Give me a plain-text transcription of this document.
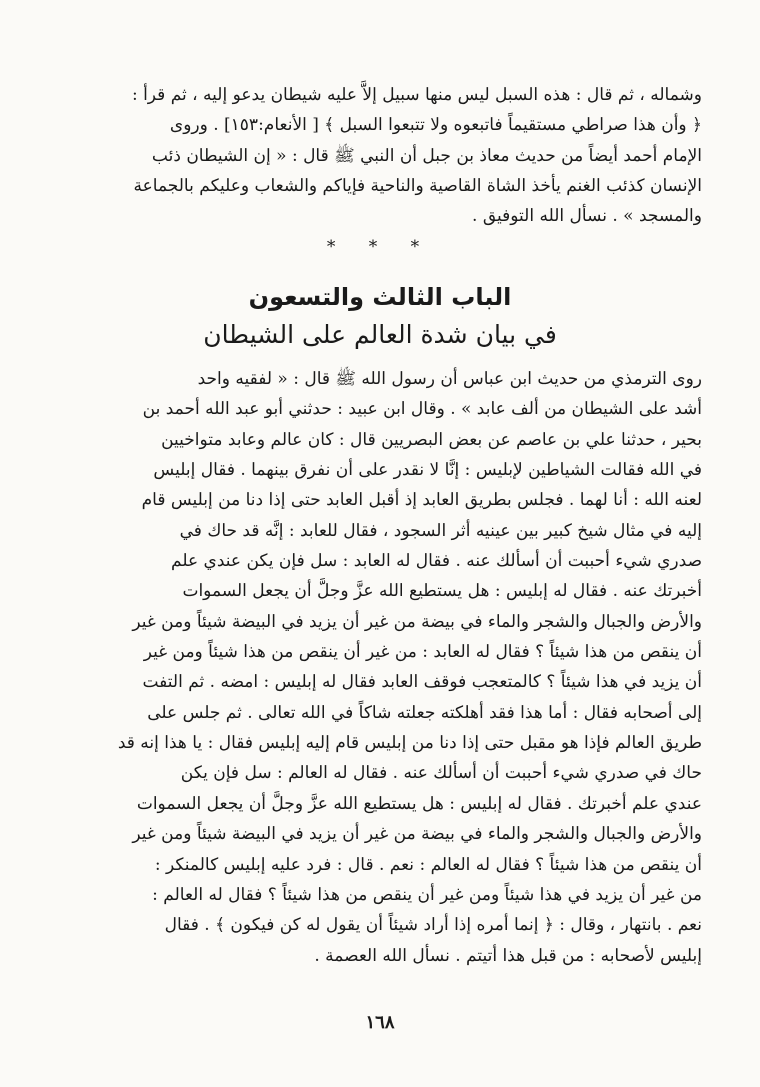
وشماله ، ثم قال : هذه السبل ليس منها سبيل إلاَّ عليه شيطان يدعو إليه ، ثم قرأ :
﴿ وأن هذا صراطي مستقيماً فاتبعوه ولا تتبعوا السبل ﴾ [ الأنعام:١٥٣] . وروى
الإمام أحمد أيضاً من حديث معاذ بن جبل أن النبي ﷺ قال : « إن الشيطان ذئب
الإنسان كذئب الغنم يأخذ الشاة القاصية والناحية فإياكم والشعاب وعليكم بالجماعة
والمسجد » . نسأل الله التوفيق .
* * *
الباب الثالث والتسعون
في بيان شدة العالم على الشيطان
روى الترمذي من حديث ابن عباس أن رسول الله ﷺ قال : « لفقيه واحد
أشد على الشيطان من ألف عابد » . وقال ابن عبيد : حدثني أبو عبد الله أحمد بن
بحير ، حدثنا علي بن عاصم عن بعض البصريين قال : كان عالم وعابد متواخيين
في الله فقالت الشياطين لإبليس : إنَّا لا نقدر على أن نفرق بينهما . فقال إبليس
لعنه الله : أنا لهما . فجلس بطريق العابد إذ أقبل العابد حتى إذا دنا من إبليس قام
إليه في مثال شيخ كبير بين عينيه أثر السجود ، فقال للعابد : إنَّه قد حاك في
صدري شيء أحببت أن أسألك عنه . فقال له العابد : سل فإن يكن عندي علم
أخبرتك عنه . فقال له إبليس : هل يستطيع الله عزَّ وجلَّ أن يجعل السموات
والأرض والجبال والشجر والماء في بيضة من غير أن يزيد في البيضة شيئاً ومن غير
أن ينقص من هذا شيئاً ؟ فقال له العابد : من غير أن ينقص من هذا شيئاً ومن غير
أن يزيد في هذا شيئاً ؟ كالمتعجب فوقف العابد فقال له إبليس : امضه . ثم التفت
إلى أصحابه فقال : أما هذا فقد أهلكته جعلته شاكاً في الله تعالى . ثم جلس على
طريق العالم فإذا هو مقبل حتى إذا دنا من إبليس قام إليه إبليس فقال : يا هذا إنه قد
حاك في صدري شيء أحببت أن أسألك عنه . فقال له العالم : سل فإن يكن
عندي علم أخبرتك . فقال له إبليس : هل يستطيع الله عزَّ وجلَّ أن يجعل السموات
والأرض والجبال والشجر والماء في بيضة من غير أن يزيد في البيضة شيئاً ومن غير
أن ينقص من هذا شيئاً ؟ فقال له العالم : نعم . قال : فرد عليه إبليس كالمنكر :
من غير أن يزيد في هذا شيئاً ومن غير أن ينقص من هذا شيئاً ؟ فقال له العالم :
نعم . بانتهار ، وقال : ﴿ إنما أمره إذا أراد شيئاً أن يقول له كن فيكون ﴾ . فقال
إبليس لأصحابه : من قبل هذا أتيتم . نسأل الله العصمة .
١٦٨
